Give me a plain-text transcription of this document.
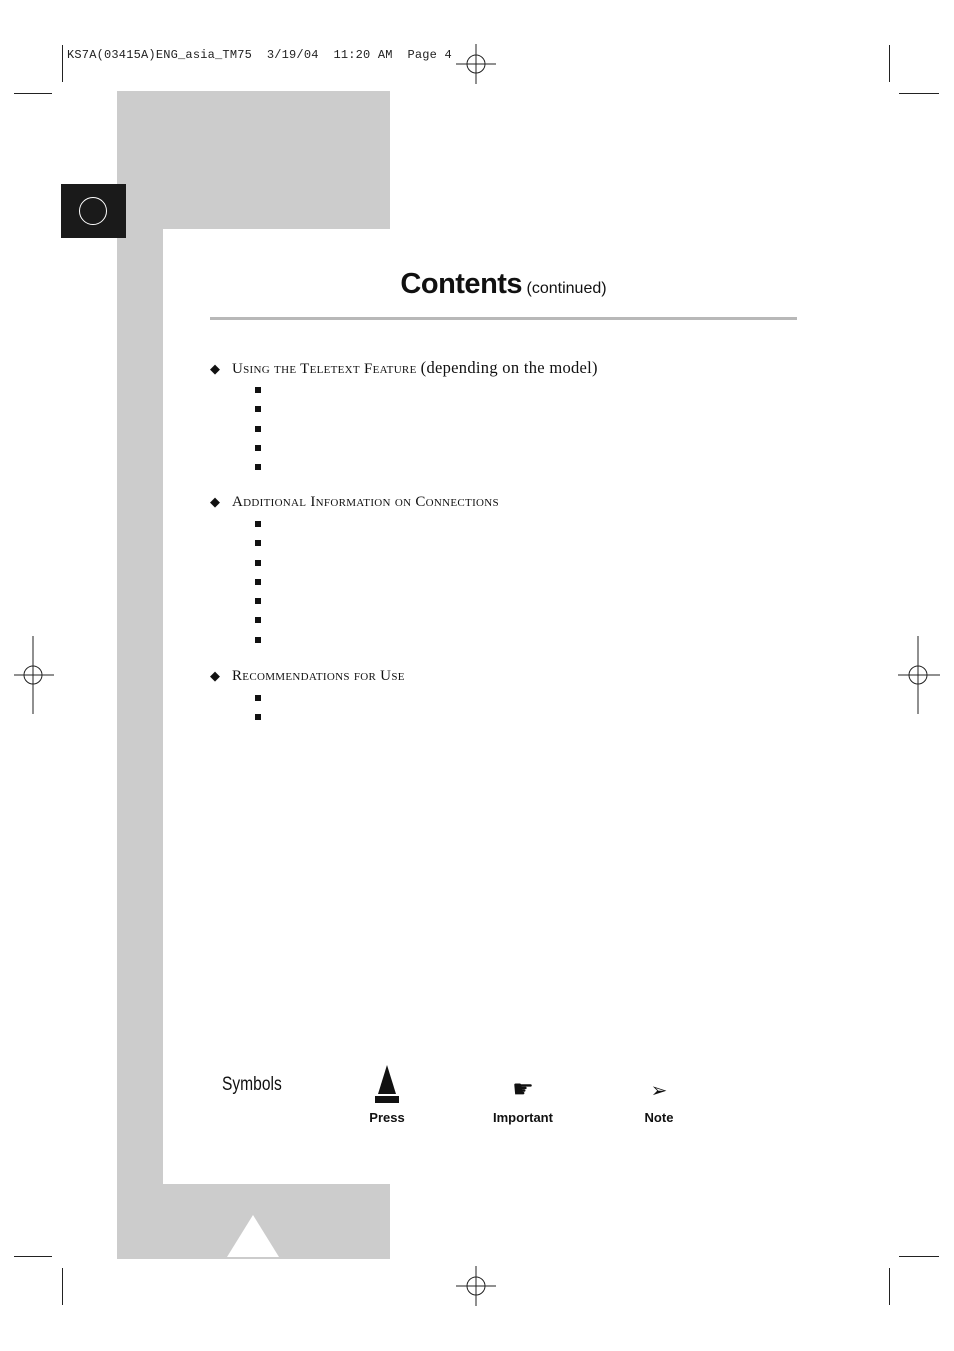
KS7A(03415A)ENG_asia_TM75  3/19/04  11:20 AM  Page 4
Contents (continued)
◆ Using the Teletext Feature (depending on the model)
◆ Additional Information on Connections
◆ Recommendations for Use
Symbols
Press
☛
Important
➢
Note
